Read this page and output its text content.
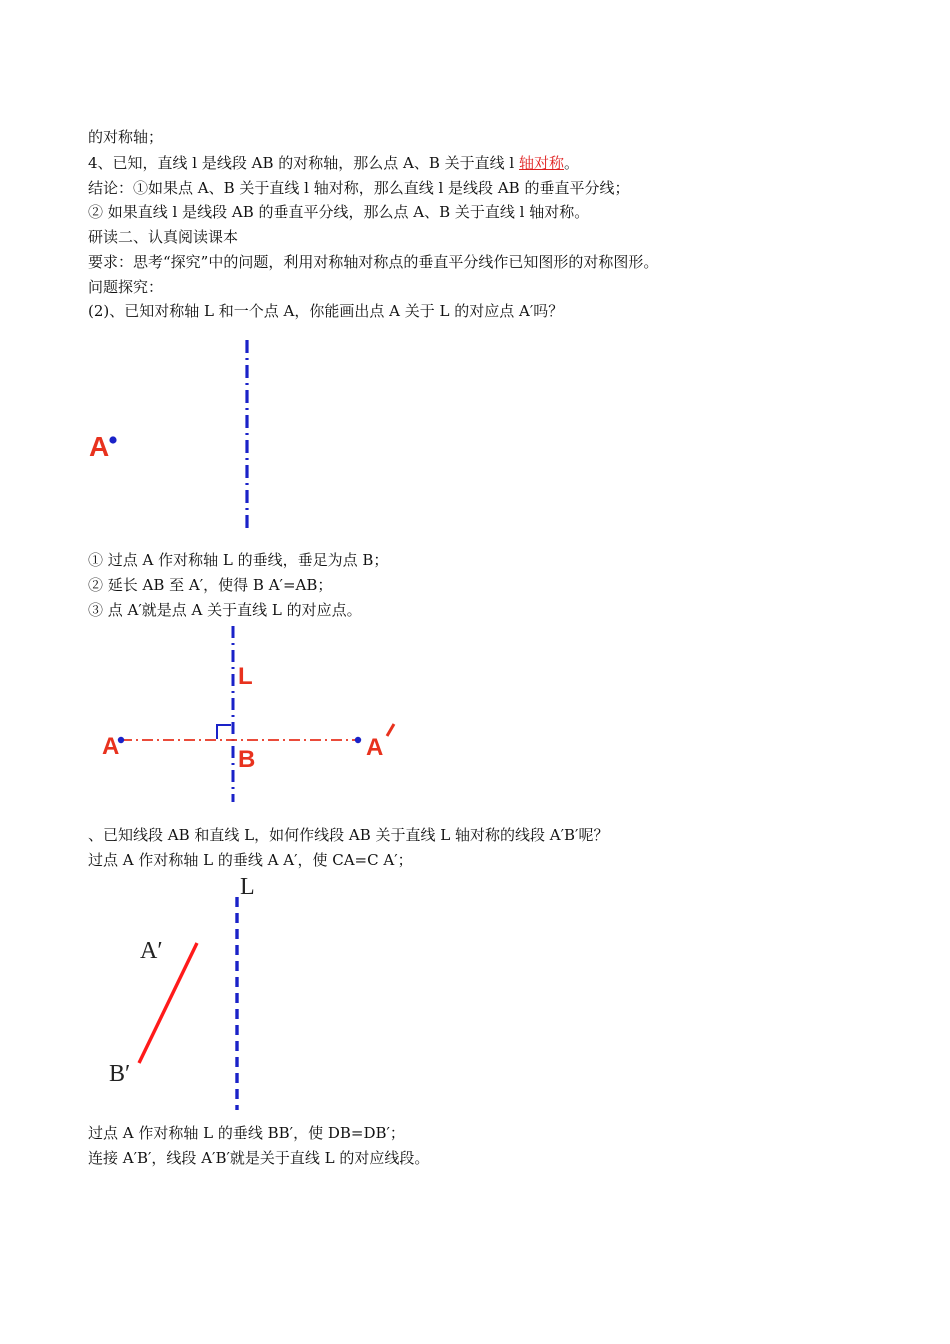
的对称轴；
4、已知，直线 l 是线段 AB 的对称轴，那么点 A、B 关于直线 l 轴对称。
结论：①如果点 A、B 关于直线 l 轴对称，那么直线 l 是线段 AB 的垂直平分线；
② 如果直线 l 是线段 AB 的垂直平分线，那么点 A、B 关于直线 l 轴对称。
研读二、认真阅读课本
要求：思考“探究”中的问题，利用对称轴对称点的垂直平分线作已知图形的对称图形。
问题探究：
(2)、已知对称轴 L 和一个点 A，你能画出点 A 关于 L 的对应点 A′吗？
A
① 过点 A 作对称轴 L 的垂线，垂足为点 B；
② 延长 AB 至 A′，使得 B A′=AB；
③ 点 A′就是点 A 关于直线 L 的对应点。
L
A	B	A
、已知线段 AB 和直线 L，如何作线段 AB 关于直线 L 轴对称的线段 A′B′呢？
过点 A 作对称轴 L 的垂线 A A′，使 CA=C A′；
L
A′
B′
过点 A 作对称轴 L 的垂线 BB′，使 DB=DB′；
连接 A′B′，线段 A′B′就是关于直线 L 的对应线段。
